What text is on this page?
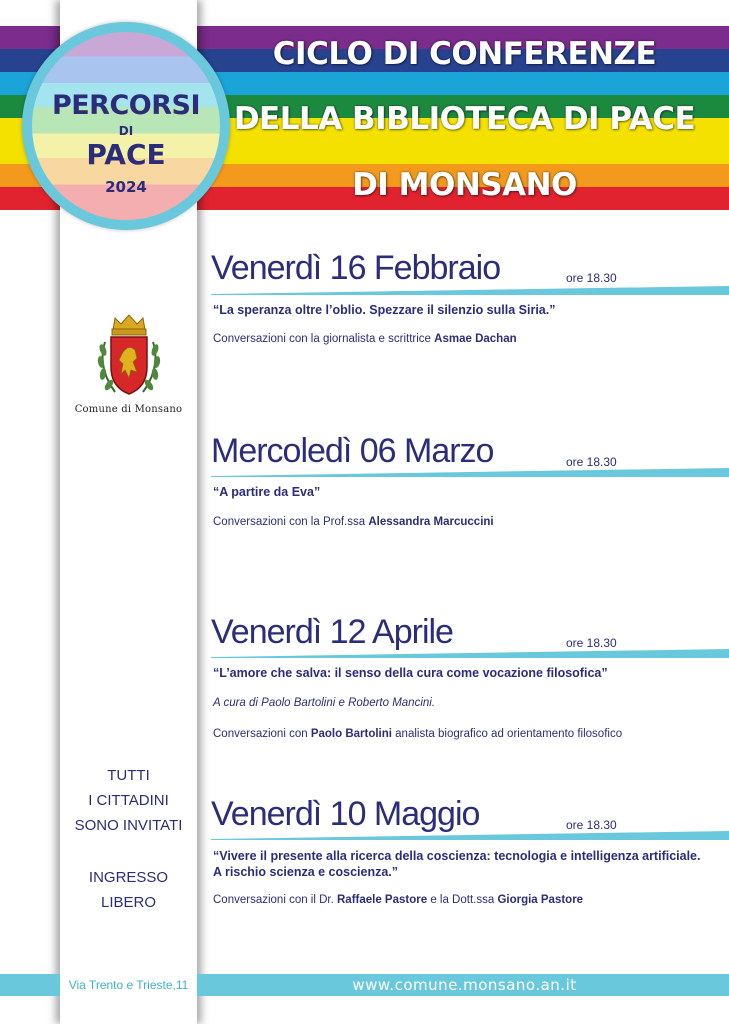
CICLO DI CONFERENZE
DELLA BIBLIOTECA DI PACE
DI MONSANO
PERCORSI
DI
PACE
2024
Comune di Monsano
TUTTI
I CITTADINI
SONO INVITATI
INGRESSO
LIBERO
Venerdì 16 Febbraio	ore 18.30
“La speranza oltre l’oblio. Spezzare il silenzio sulla Siria.”
Conversazioni con la giornalista e scrittrice Asmae Dachan
Mercoledì 06 Marzo	ore 18.30
“A partire da Eva”
Conversazioni con la Prof.ssa Alessandra Marcuccini
Venerdì 12 Aprile	ore 18.30
“L’amore che salva: il senso della cura come vocazione filosofica”
A cura di Paolo Bartolini e Roberto Mancini.
Conversazioni con Paolo Bartolini analista biografico ad orientamento filosofico
Venerdì 10 Maggio	ore 18.30
“Vivere il presente alla ricerca della coscienza: tecnologia e intelligenza artificiale.
A rischio scienza e coscienza.”
Conversazioni con il Dr. Raffaele Pastore e la Dott.ssa Giorgia Pastore
Via Trento e Trieste,11	www.comune.monsano.an.it
